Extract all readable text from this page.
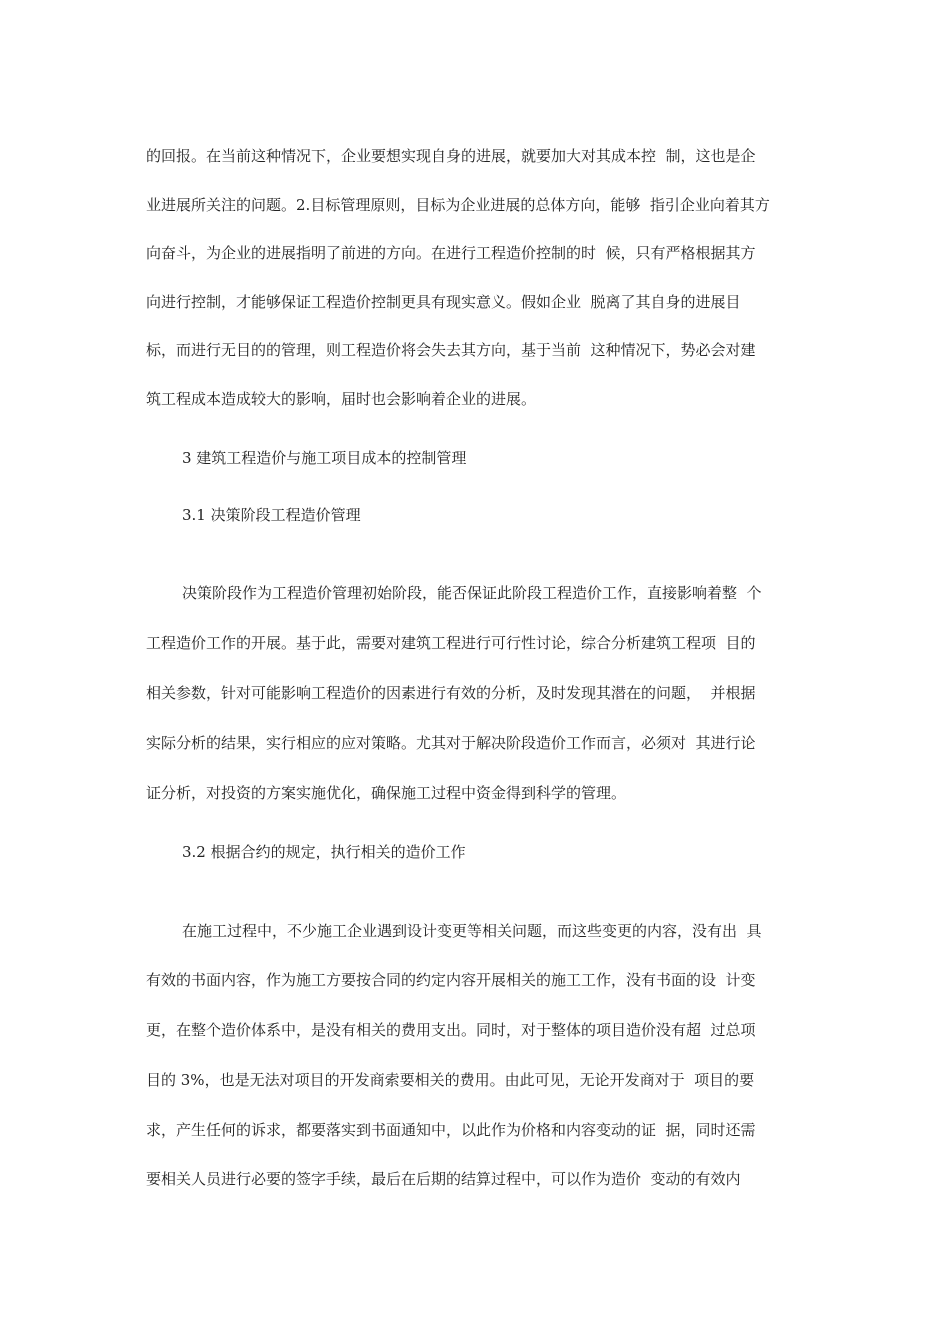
的回报。在当前这种情况下，企业要想实现自身的进展，就要加大对其成本控  制，这也是企
业进展所关注的问题。2.目标管理原则，目标为企业进展的总体方向，能够  指引企业向着其方
向奋斗，为企业的进展指明了前进的方向。在进行工程造价控制的时  候，只有严格根据其方
向进行控制，才能够保证工程造价控制更具有现实意义。假如企业  脱离了其自身的进展目
标，而进行无目的的管理，则工程造价将会失去其方向，基于当前  这种情况下，势必会对建
筑工程成本造成较大的影响，届时也会影响着企业的进展。
3 建筑工程造价与施工项目成本的控制管理
3.1 决策阶段工程造价管理
决策阶段作为工程造价管理初始阶段，能否保证此阶段工程造价工作，直接影响着整  个
工程造价工作的开展。基于此，需要对建筑工程进行可行性讨论，综合分析建筑工程项  目的
相关参数，针对可能影响工程造价的因素进行有效的分析，及时发现其潜在的问题，  并根据
实际分析的结果，实行相应的应对策略。尤其对于解决阶段造价工作而言，必须对  其进行论
证分析，对投资的方案实施优化，确保施工过程中资金得到科学的管理。
3.2 根据合约的规定，执行相关的造价工作
在施工过程中，不少施工企业遇到设计变更等相关问题，而这些变更的内容，没有出  具
有效的书面内容，作为施工方要按合同的约定内容开展相关的施工工作，没有书面的设  计变
更，在整个造价体系中，是没有相关的费用支出。同时，对于整体的项目造价没有超  过总项
目的 3%，也是无法对项目的开发商索要相关的费用。由此可见，无论开发商对于  项目的要
求，产生任何的诉求，都要落实到书面通知中，以此作为价格和内容变动的证  据，同时还需
要相关人员进行必要的签字手续，最后在后期的结算过程中，可以作为造价  变动的有效内
